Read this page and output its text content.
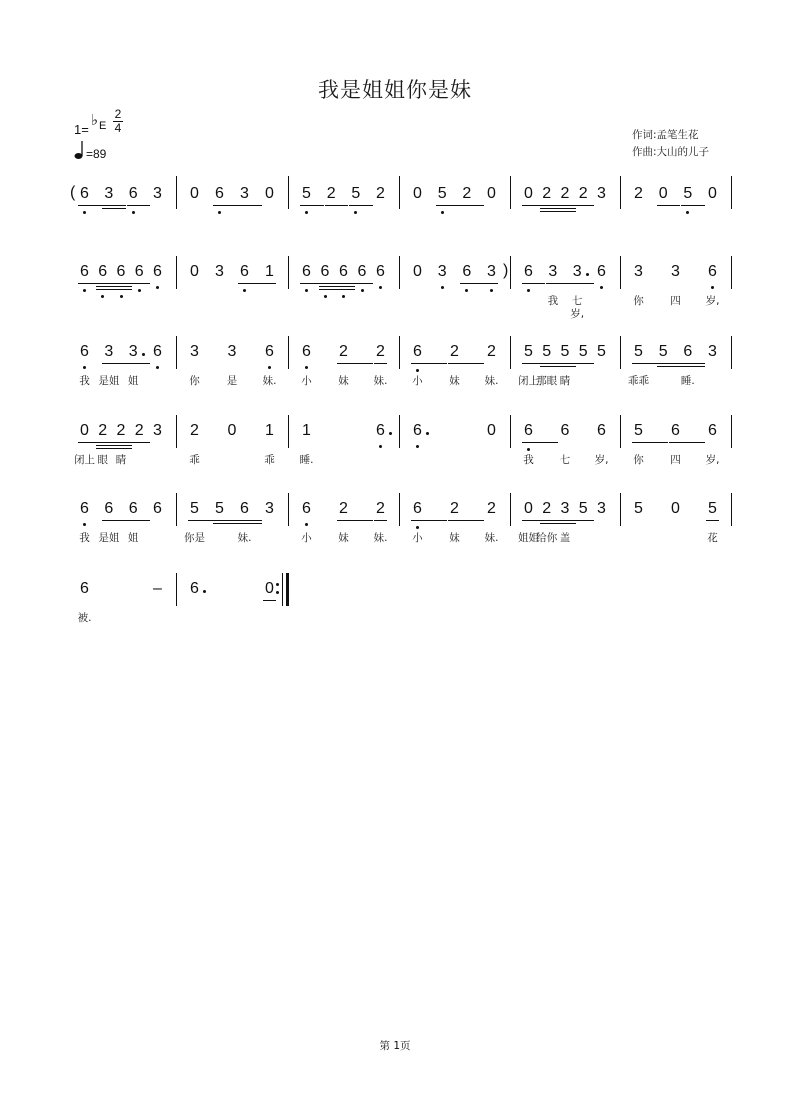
我是姐姐你是妹
1=
♭ E
2
4
=89
作词:孟笔生花
作曲:大山的儿子
6 3 6 3
(	0 6 3 0 5 2 5 2 0 5 2 0 0 2 2 2 3 2 0 5 0
6 6 6 6 6 0 3 6 1 6 6 6 6 6 0 3 6 3 ) 6 3 3 6
我	七岁,
3 3 6
你	四	岁,
6 3 3 6
我 是姐 姐
3 3 6
你	是	妹.
6 2 2
小	妹	妹.
6 2 2
小	妹	妹.
5 5 5 5 5
闭上
那眼 睛
5 5 6 3
乖乖	睡.
0 2 2 2 3
闭上 眼 睛
2 0 1
乖	乖
1	6
睡.
6	0 6 6 6
我	七	岁,
5 6 6
你	四	岁,
6 6 6 6
我 是姐 姐
5 5 6 3
你是	妹.
6 2 2
小	妹	妹.
6 2 2
小	妹	妹.
0 2 3 5 3
姐姐
给你 盖
5 0 5
花
6	–
被.
6	0
第 1页
